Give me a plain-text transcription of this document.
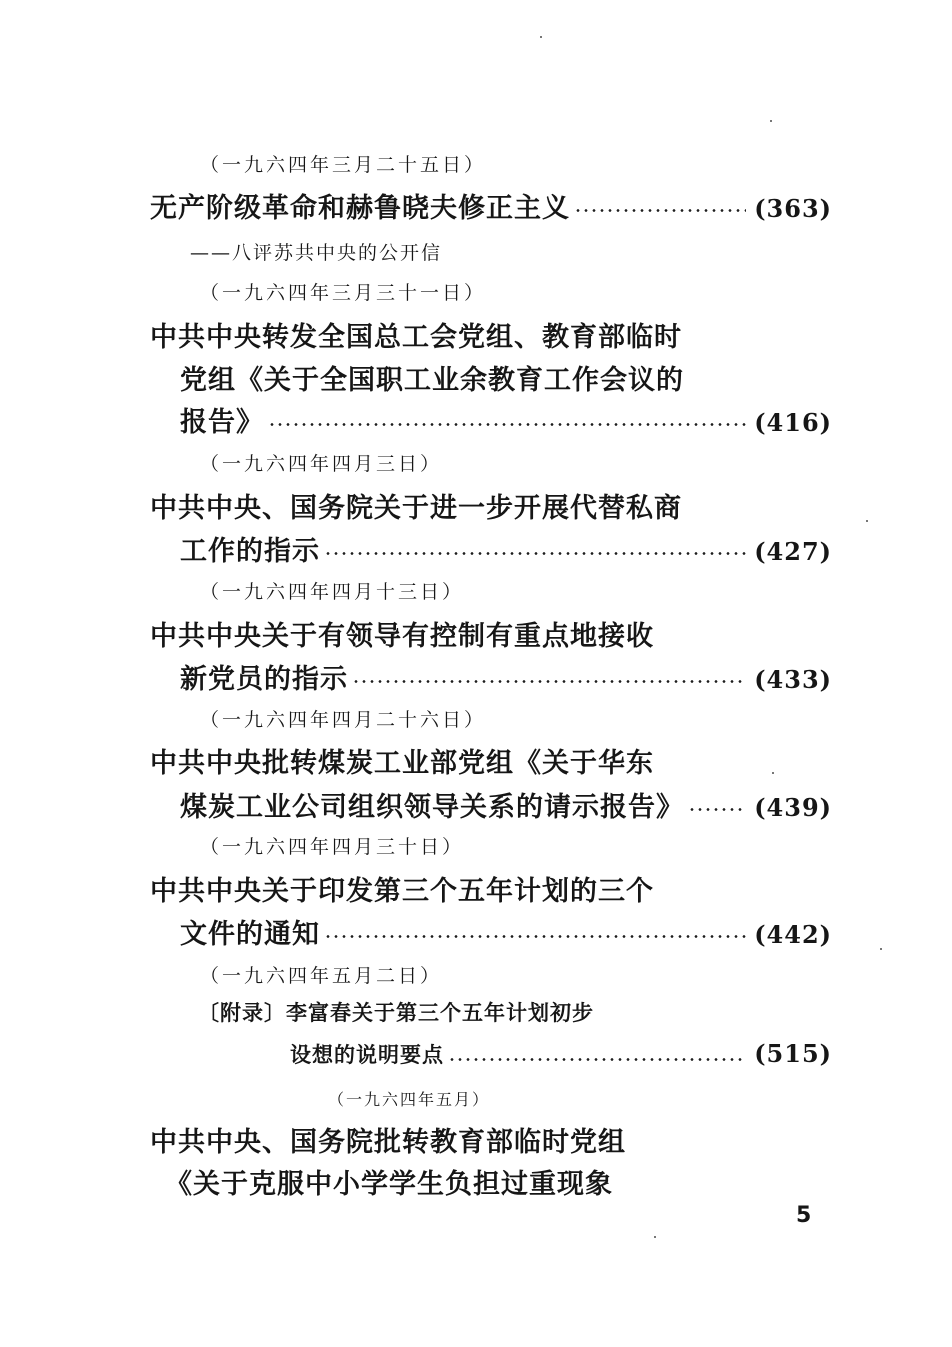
（一九六四年三月二十五日）
无产阶级革命和赫鲁晓夫修正主义	(363)
——八评苏共中央的公开信
（一九六四年三月三十一日）
中共中央转发全国总工会党组、教育部临时
党组《关于全国职工业余教育工作会议的
报告》	(416)
（一九六四年四月三日）
中共中央、国务院关于进一步开展代替私商
工作的指示	(427)
（一九六四年四月十三日）
中共中央关于有领导有控制有重点地接收
新党员的指示	(433)
（一九六四年四月二十六日）
中共中央批转煤炭工业部党组《关于华东
煤炭工业公司组织领导关系的请示报告》	(439)
（一九六四年四月三十日）
中共中央关于印发第三个五年计划的三个
文件的通知	(442)
（一九六四年五月二日）
〔附录〕李富春关于第三个五年计划初步
设想的说明要点	(515)
（一九六四年五月）
中共中央、国务院批转教育部临时党组
《关于克服中小学学生负担过重现象
5
